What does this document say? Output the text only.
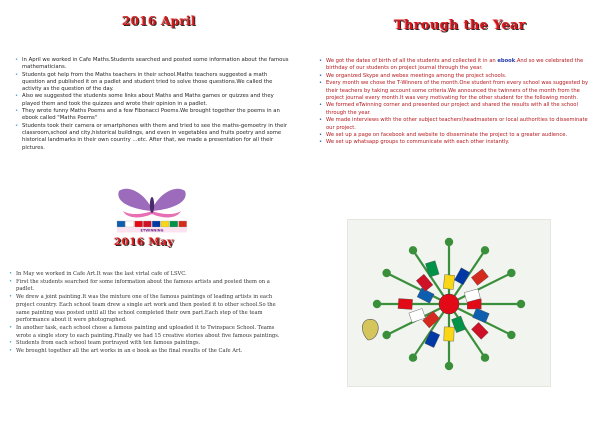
2016 April

• In April we worked in Cafe Maths.Students searched and posted some information about the famous mathematicians.
• Students got help from the Maths teachers in their school.Maths teachers suggested a math question and published it on a padlet and student tried to solve those questions.We called the activity as the question of the day.
• Also we suggested the students some links about Maths and Maths games or quizzes and they played them and took the quizzes and wrote their opinion in a padlet.
• They wrote funny Maths Poems and a few Fibonacci Poems.We brought together the poems in an ebook called "Maths Poems"
• Students took their camera or smartphones with them and tried to see the maths-gemoetry in their classroom,school and city,historical buildings, and even in vegetables and fruits poetry and some historical landmarks in their own country ...etc. After that, we made a presentation for all their pictures.
ETWINNING
2016 May
• In May we worked in Cafe Art.It was the last virtal cafe of LSVC.
• First the students searched for some information about the famous artists and posted them on a padlet.
• We drew a joint painting.It was the mixture one of the famous paintings of leading artists in each project country. Each school team drew a single art work and then posted it to other school.So the same painting was posted until all the school completed their own part.Each step of the team performance about it were photographed.
• In another task, each school chose a famous painting and uploaded it to Twinspace School. Teams wrote a single story to each painting.Finally we had 15 creative stories about five famous paintings.
• Students from each school team portrayed with ten famous paintings.
• We brought together all the art works in an e book as the final results of the Cafe Art.
Through the Year

• We got the dates of birth of all the students and collected it in an ebook.And so we celebrated the birthday of our students on project journal through the year.
• We organized Skype and webex meetings among the project schools.
• Every month we chose the T-Winners of the month.One student from every school was suggested by their teachers by taking account some criteria.We announced the twinners of the month from the project journal every month.It was very motivating for the other student for the following month.
• We formed eTwinning corner and presented our project and shared the results with all the school through the year.
• We made interviews with the other subject teachers\headmasters or local authorities to disseminate our project.
• We set up a page on facebook and website to disseminate the project to a greater audience.
• We set up whatsapp groups to communicate with each other instantly.
